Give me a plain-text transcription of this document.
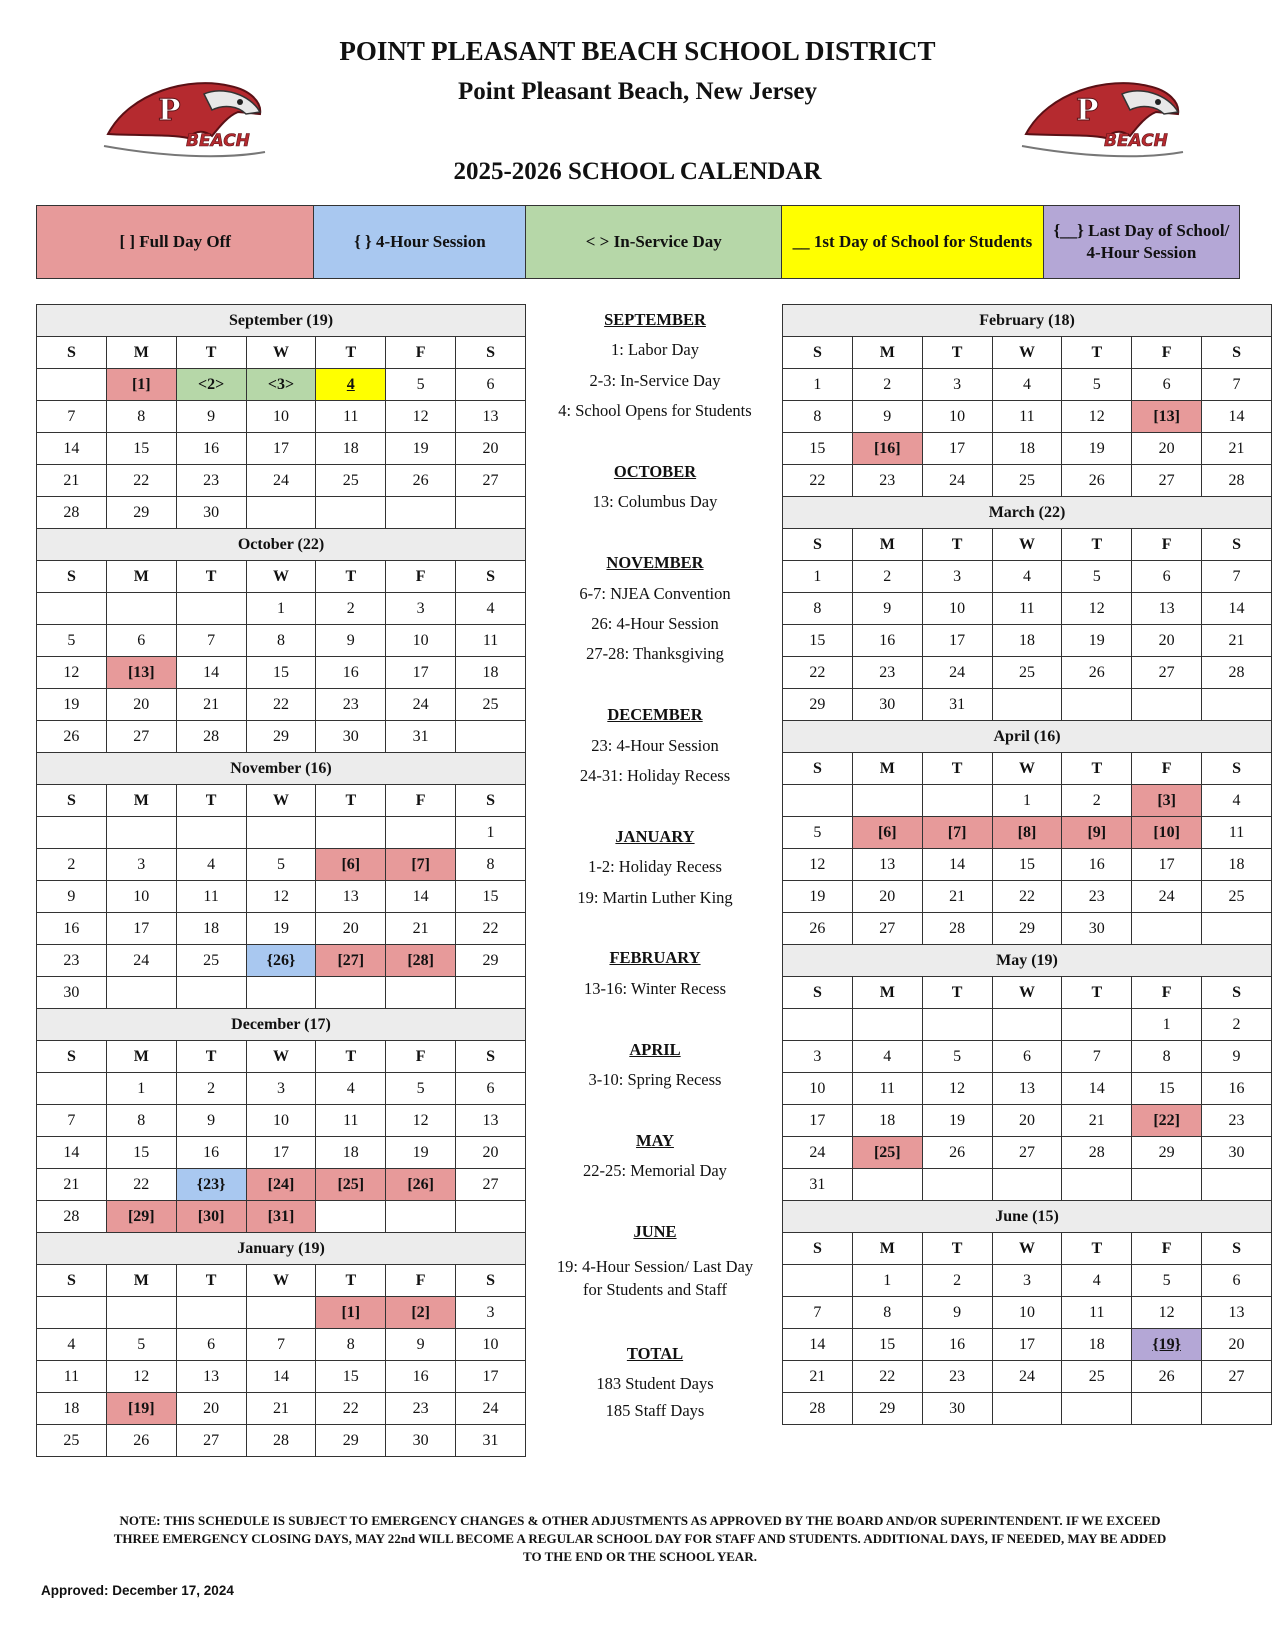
POINT PLEASANT BEACH SCHOOL DISTRICT
Point Pleasant Beach, New Jersey
2025-2026 SCHOOL CALENDAR
P
BEACH
P
BEACH
[ ] Full Day Off	{ } 4-Hour Session	< > In-Service Day	__ 1st Day of School for Students	{__} Last Day of School/ 4-Hour Session
September (19)						
S	M	T	W	T	F	S
	[1]	<2>	<3>	4	5	6
7	8	9	10	11	12	13
14	15	16	17	18	19	20
21	22	23	24	25	26	27
28	29	30				
October (22)						
S	M	T	W	T	F	S
			1	2	3	4
5	6	7	8	9	10	11
12	[13]	14	15	16	17	18
19	20	21	22	23	24	25
26	27	28	29	30	31	
November (16)						
S	M	T	W	T	F	S
						1
2	3	4	5	[6]	[7]	8
9	10	11	12	13	14	15
16	17	18	19	20	21	22
23	24	25	{26}	[27]	[28]	29
30						
December (17)						
S	M	T	W	T	F	S
	1	2	3	4	5	6
7	8	9	10	11	12	13
14	15	16	17	18	19	20
21	22	{23}	[24]	[25]	[26]	27
28	[29]	[30]	[31]			
January (19)						
S	M	T	W	T	F	S
				[1]	[2]	3
4	5	6	7	8	9	10
11	12	13	14	15	16	17
18	[19]	20	21	22	23	24
25	26	27	28	29	30	31
February (18)						
S	M	T	W	T	F	S
1	2	3	4	5	6	7
8	9	10	11	12	[13]	14
15	[16]	17	18	19	20	21
22	23	24	25	26	27	28
March (22)						
S	M	T	W	T	F	S
1	2	3	4	5	6	7
8	9	10	11	12	13	14
15	16	17	18	19	20	21
22	23	24	25	26	27	28
29	30	31				
April (16)						
S	M	T	W	T	F	S
			1	2	[3]	4
5	[6]	[7]	[8]	[9]	[10]	11
12	13	14	15	16	17	18
19	20	21	22	23	24	25
26	27	28	29	30		
May (19)						
S	M	T	W	T	F	S
					1	2
3	4	5	6	7	8	9
10	11	12	13	14	15	16
17	18	19	20	21	[22]	23
24	[25]	26	27	28	29	30
31						
June (15)						
S	M	T	W	T	F	S
	1	2	3	4	5	6
7	8	9	10	11	12	13
14	15	16	17	18	{19}	20
21	22	23	24	25	26	27
28	29	30				
SEPTEMBER
1: Labor Day
2-3: In-Service Day
4: School Opens for Students
OCTOBER
13: Columbus Day
NOVEMBER
6-7: NJEA Convention
26: 4-Hour Session
27-28: Thanksgiving
DECEMBER
23: 4-Hour Session
24-31: Holiday Recess
JANUARY
1-2: Holiday Recess
19: Martin Luther King
FEBRUARY
13-16: Winter Recess
APRIL
3-10: Spring Recess
MAY
22-25: Memorial Day
JUNE
19: 4-Hour Session/ Last Day
for Students and Staff
TOTAL
183 Student Days
185 Staff Days
NOTE: THIS SCHEDULE IS SUBJECT TO EMERGENCY CHANGES & OTHER ADJUSTMENTS AS APPROVED BY THE BOARD AND/OR SUPERINTENDENT. IF WE EXCEED THREE EMERGENCY CLOSING DAYS, MAY 22nd WILL BECOME A REGULAR SCHOOL DAY FOR STAFF AND STUDENTS. ADDITIONAL DAYS, IF NEEDED, MAY BE ADDED TO THE END OR THE SCHOOL YEAR.
Approved: December 17, 2024
